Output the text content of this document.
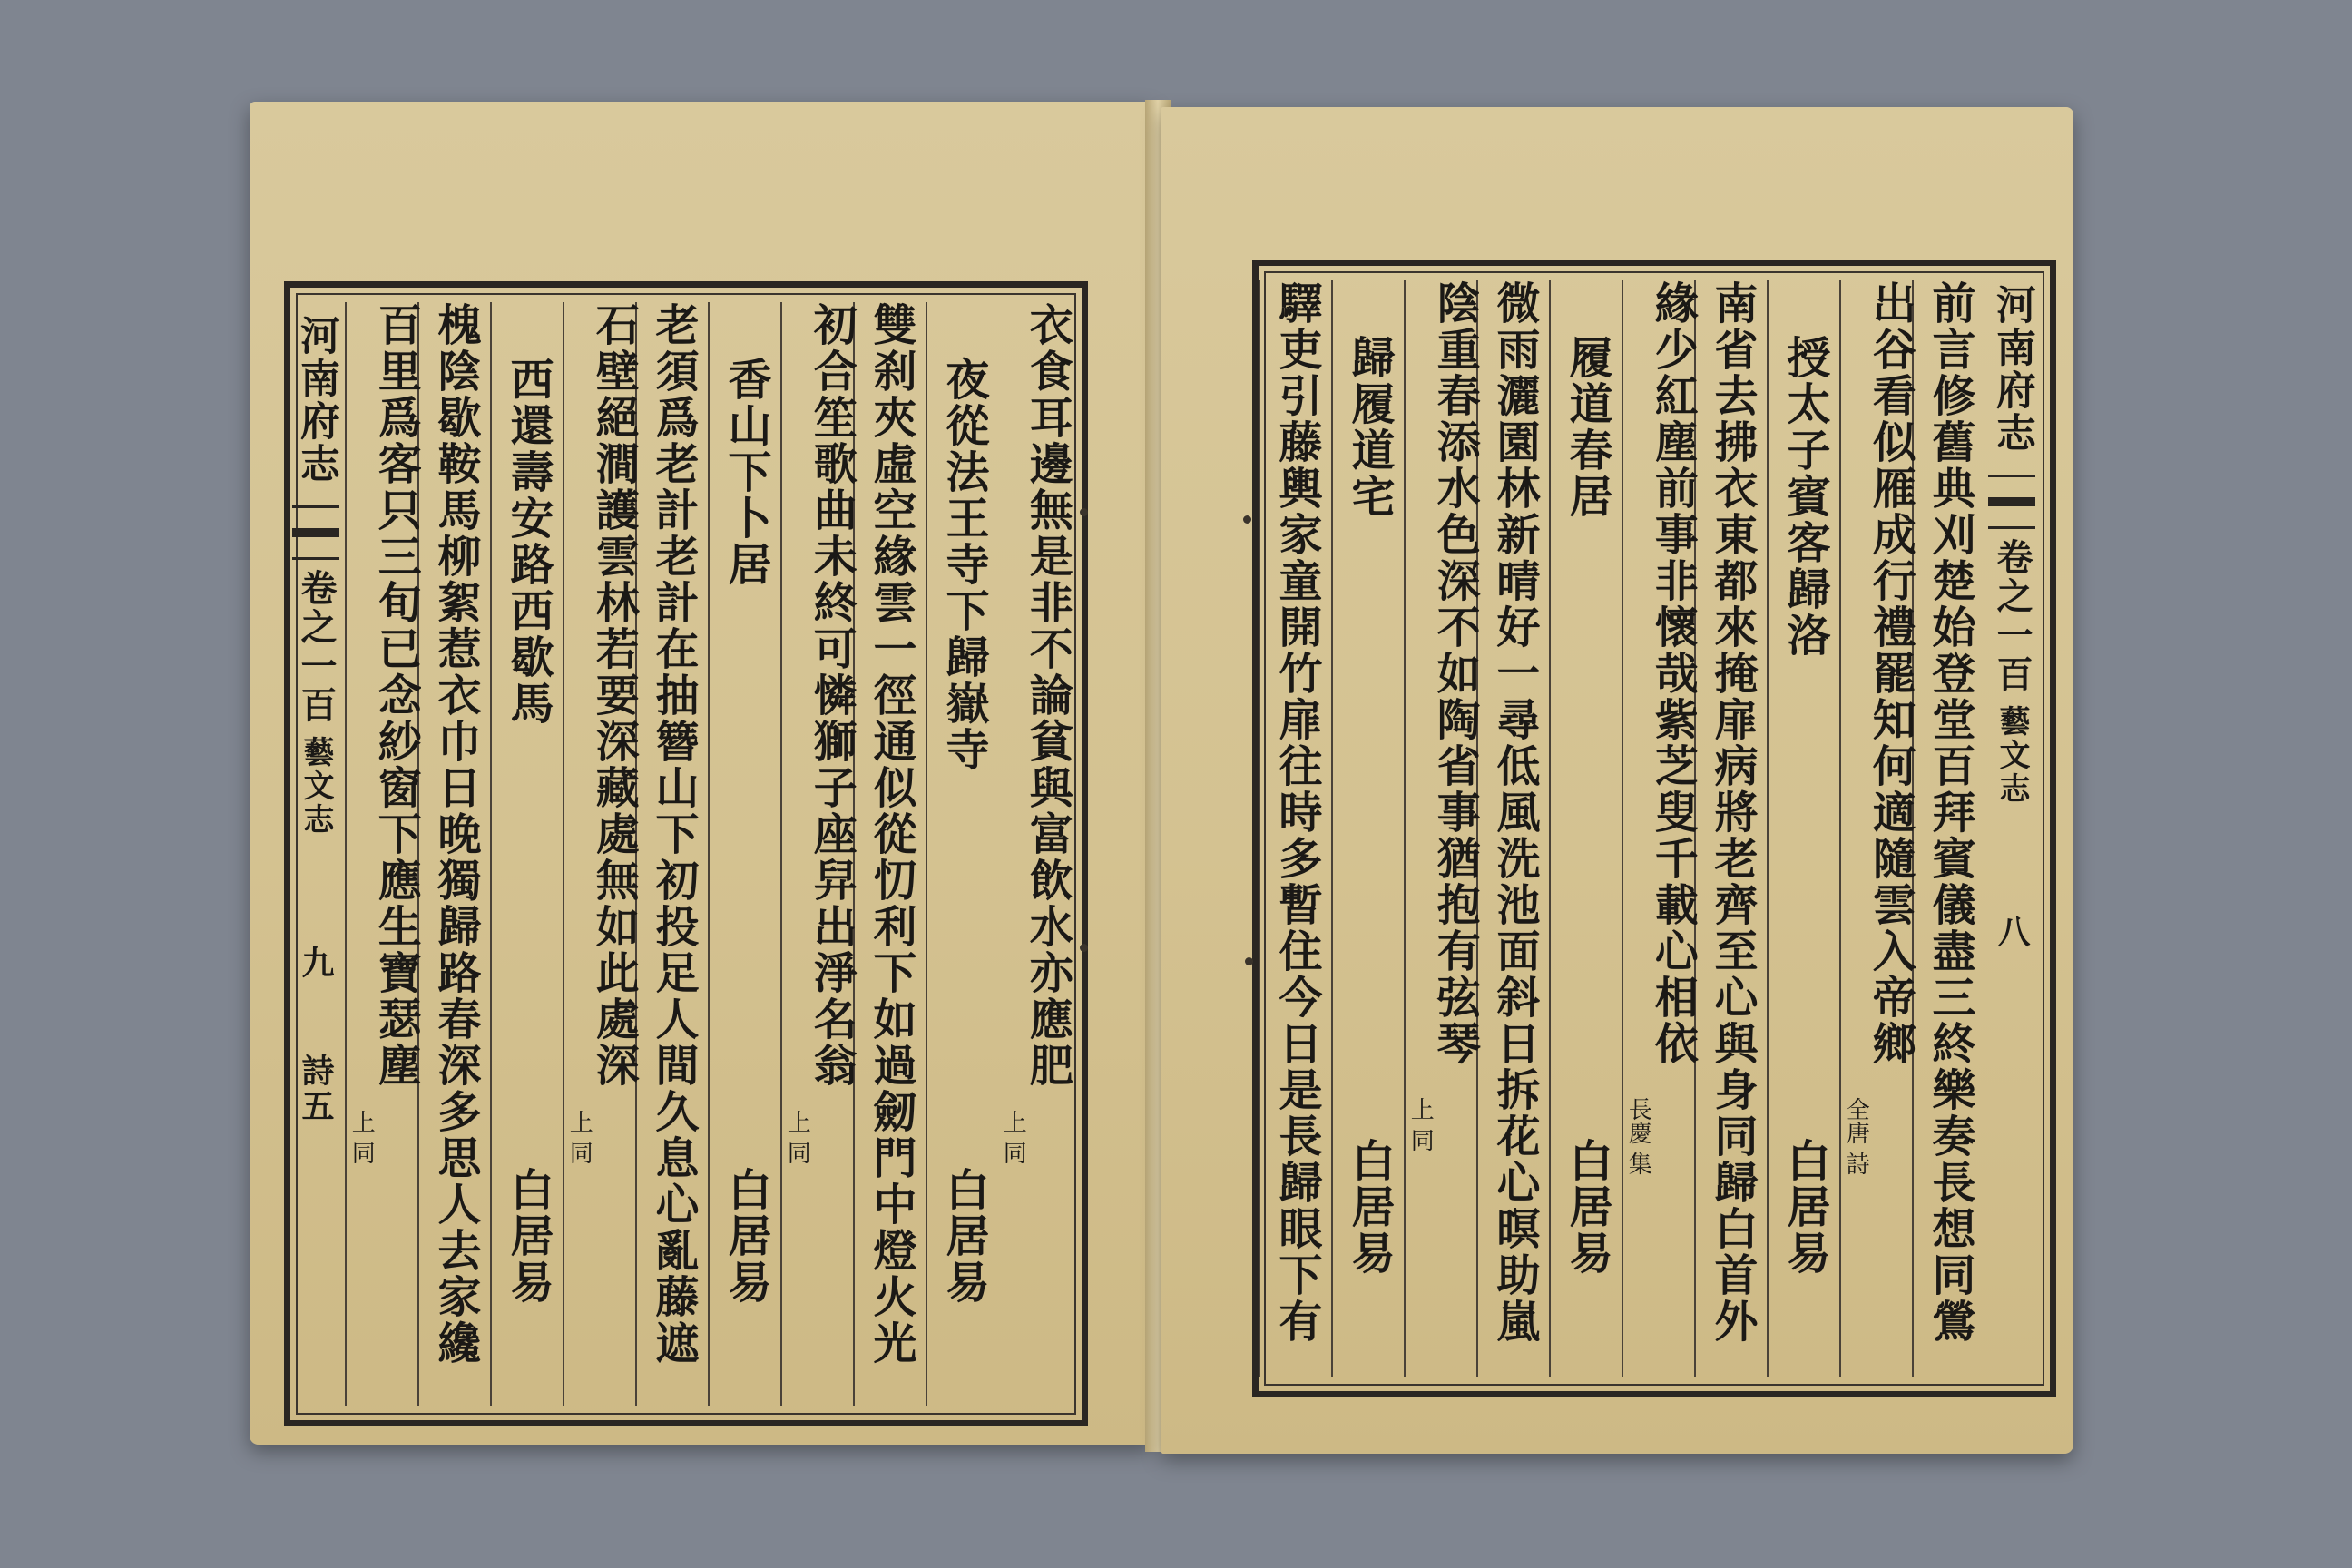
衣食耳邊無是非不論貧與富飲水亦應肥
上 同
夜從法王寺下歸嶽寺
白居易
雙刹夾虛空緣雲一徑通似從忉利下如過劒門中燈火光
初合笙歌曲未終可憐獅子座舁出淨名翁
上 同
香山下卜居
白居易
老須爲老計老計在抽簪山下初投足人間久息心亂藤遮
石壁絕澗護雲林若要深藏處無如此處深
上 同
西還壽安路西歇馬
白居易
槐陰歇鞍馬柳絮惹衣巾日晚獨歸路春深多思人去家纔
百里爲客只三旬已念紗窗下應生寶瑟塵
上 同
河南府志
卷之一百
藝文志
九
詩五
河南府志
卷之一百
藝文志
八
前言修舊典刈楚始登堂百拜賓儀盡三終樂奏長想同鶯
出谷看似雁成行禮罷知何適隨雲入帝鄉
全唐 詩
授太子賓客歸洛
白居易
南省去拂衣東都來掩扉病將老齊至心與身同歸白首外
緣少紅塵前事非懷哉紫芝叟千載心相依
長慶 集
履道春居
白居易
微雨灑園林新晴好一尋低風洗池面斜日拆花心暝助嵐
陰重春添水色深不如陶省事猶抱有弦琴
上 同
歸履道宅
白居易
驛吏引藤輿家童開竹扉往時多暫住今日是長歸眼下有
